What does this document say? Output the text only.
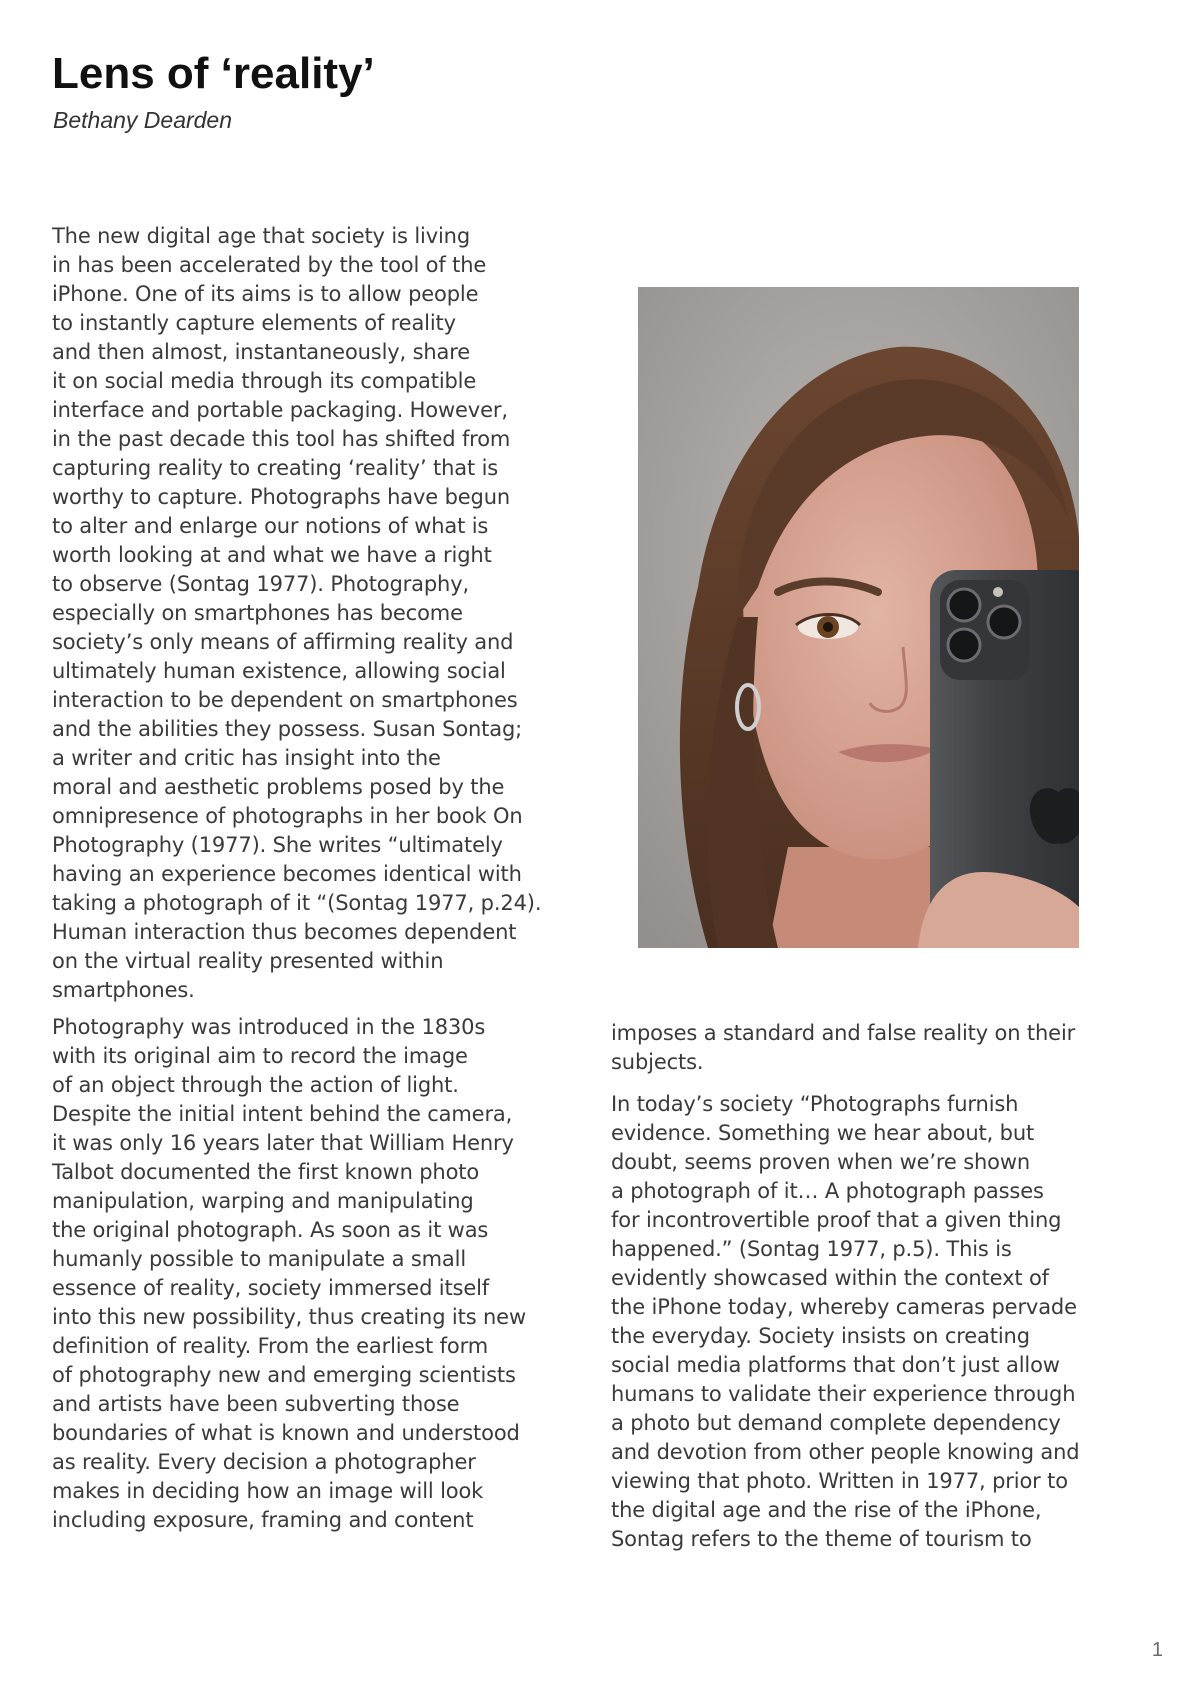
Lens of ‘reality’

Bethany Dearden

The new digital age that society is living
in has been accelerated by the tool of the
iPhone. One of its aims is to allow people
to instantly capture elements of reality
and then almost, instantaneously, share
it on social media through its compatible
interface and portable packaging. However,
in the past decade this tool has shifted from
capturing reality to creating ‘reality’ that is
worthy to capture. Photographs have begun
to alter and enlarge our notions of what is
worth looking at and what we have a right
to observe (Sontag 1977). Photography,
especially on smartphones has become
society’s only means of affirming reality and
ultimately human existence, allowing social
interaction to be dependent on smartphones
and the abilities they possess. Susan Sontag;
a writer and critic has insight into the
moral and aesthetic problems posed by the
omnipresence of photographs in her book On
Photography (1977). She writes “ultimately
having an experience becomes identical with
taking a photograph of it “(Sontag 1977, p.24).
Human interaction thus becomes dependent
on the virtual reality presented within
smartphones.

Photography was introduced in the 1830s
with its original aim to record the image
of an object through the action of light.
Despite the initial intent behind the camera,
it was only 16 years later that William Henry
Talbot documented the first known photo
manipulation, warping and manipulating
the original photograph. As soon as it was
humanly possible to manipulate a small
essence of reality, society immersed itself
into this new possibility, thus creating its new
definition of reality. From the earliest form
of photography new and emerging scientists
and artists have been subverting those
boundaries of what is known and understood
as reality. Every decision a photographer
makes in deciding how an image will look
including exposure, framing and content

imposes a standard and false reality on their
subjects.

In today’s society “Photographs furnish
evidence. Something we hear about, but
doubt, seems proven when we’re shown
a photograph of it… A photograph passes
for incontrovertible proof that a given thing
happened.” (Sontag 1977, p.5). This is
evidently showcased within the context of
the iPhone today, whereby cameras pervade
the everyday. Society insists on creating
social media platforms that don’t just allow
humans to validate their experience through
a photo but demand complete dependency
and devotion from other people knowing and
viewing that photo. Written in 1977, prior to
the digital age and the rise of the iPhone,
Sontag refers to the theme of tourism to

1
